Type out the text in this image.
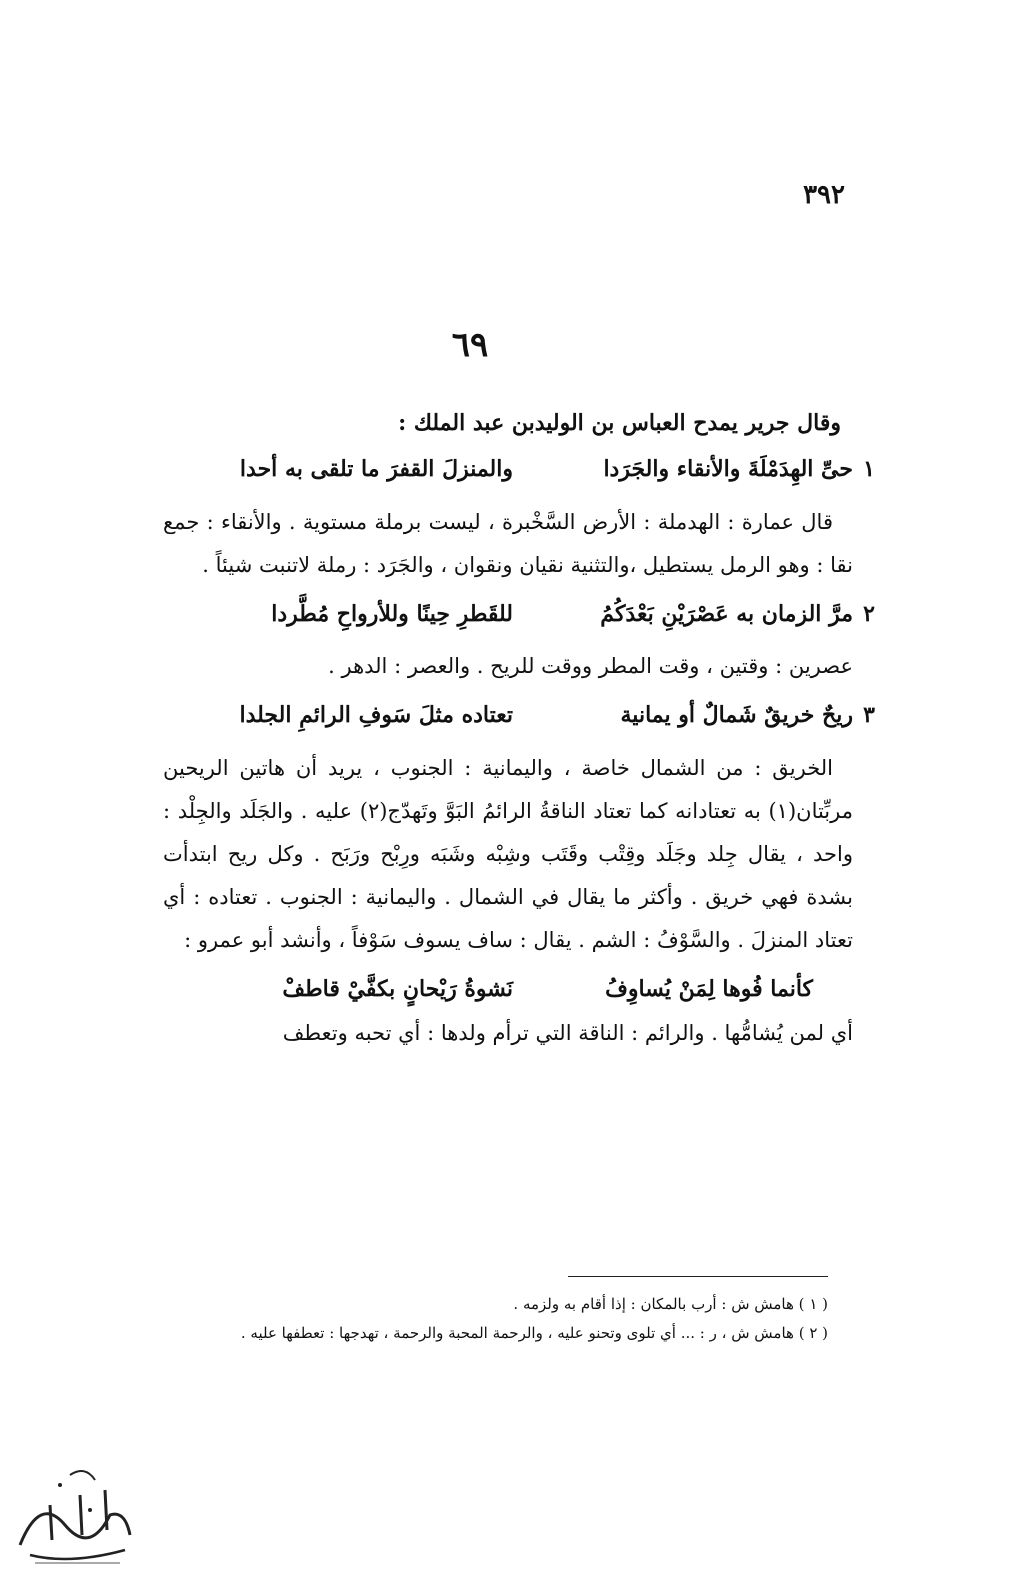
٣٩٢
٦٩

وقال جرير يمدح العباس بن الوليدبن عبد الملك :

١
حىِّ الهِدَمْلَةَ والأنقاء والجَرَدا
والمنزلَ القفرَ ما تلقى به أحدا

قال عمارة : الهدملة : الأرض السَّخْبرة ، ليست برملة مستوية . والأنقاء : جمع نقا : وهو الرمل يستطيل ،والتثنية نقيان ونقوان ، والجَرَد : رملة لاتنبت شيئاً .

٢
مرَّ الزمان به عَصْرَيْنِ بَعْدَكُمُ
للقَطرِ حِينًا وللأرواحِ مُطَّردا

عصرين : وقتين ، وقت المطر ووقت للريح . والعصر : الدهر .

٣
ريحٌ خريقٌ شَمالٌ أو يمانية
تعتاده مثلَ سَوفِ الرائمِ الجلدا

الخريق : من الشمال خاصة ، واليمانية : الجنوب ، يريد أن هاتين الريحين مربِّتان(١) به تعتادانه كما تعتاد الناقةُ الرائمُ البَوَّ وتَهدّج(٢) عليه . والجَلَد والجِلْد : واحد ، يقال جِلد وجَلَد وقِتْب وقَتَب وشِبْه وشَبَه ورِبْح ورَبَح . وكل ريح ابتدأت بشدة فهي خريق . وأكثر ما يقال في الشمال . واليمانية : الجنوب . تعتاده : أي تعتاد المنزلَ . والسَّوْفُ : الشم . يقال : ساف يسوف سَوْفاً ، وأنشد أبو عمرو :

كأنما فُوها لِمَنْ يُساوِفُ
نَشوةُ رَيْحانٍ بكفَّيْ قاطفْ

أي لمن يُشامُّها . والرائم : الناقة التي ترأم ولدها : أي تحبه وتعطف

( ١ ) هامش ش : أرب بالمكان : إذا أقام به ولزمه .

( ٢ ) هامش ش ، ر : ... أي تلوى وتحنو عليه ، والرحمة المحبة والرحمة ، تهدجها : تعطفها عليه .
